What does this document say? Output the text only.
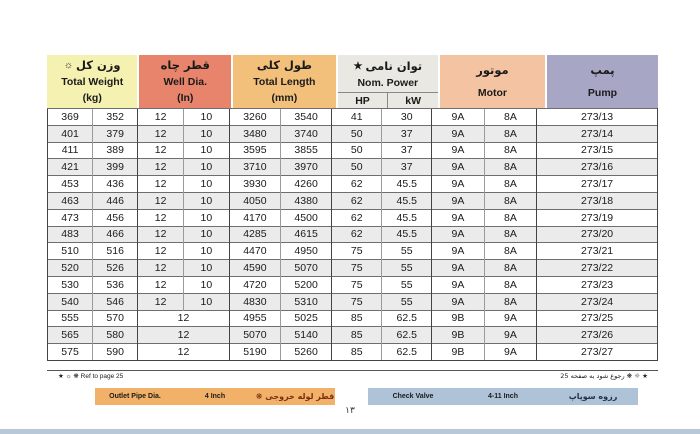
☼ وزن کل
Total Weight
(kg)
قطر چاه
Well Dia.
(In)
طول کلی
Total Length
(mm)
★ توان نامی
Nom. Power
HP	kW
موتور
Motor
پمپ
Pump
369	352	12	10	3260	3540	41	30	9A	8A	273/13
401	379	12	10	3480	3740	50	37	9A	8A	273/14
411	389	12	10	3595	3855	50	37	9A	8A	273/15
421	399	12	10	3710	3970	50	37	9A	8A	273/16
453	436	12	10	3930	4260	62	45.5	9A	8A	273/17
463	446	12	10	4050	4380	62	45.5	9A	8A	273/18
473	456	12	10	4170	4500	62	45.5	9A	8A	273/19
483	466	12	10	4285	4615	62	45.5	9A	8A	273/20
510	516	12	10	4470	4950	75	55	9A	8A	273/21
520	526	12	10	4590	5070	75	55	9A	8A	273/22
530	536	12	10	4720	5200	75	55	9A	8A	273/23
540	546	12	10	4830	5310	75	55	9A	8A	273/24
555	570	12		4955	5025	85	62.5	9B	9A	273/25
565	580	12		5070	5140	85	62.5	9B	9A	273/26
575	590	12		5190	5260	85	62.5	9B	9A	273/27
★ ☼ ❋ Ref to page 25	★ ☼ ❋ رجوع شود به صفحه 25
Outlet Pipe Dia.	4 Inch	❋ قطر لوله خروجی	Check Valve	4-11 Inch	رزوه سوپاپ
۱۳
